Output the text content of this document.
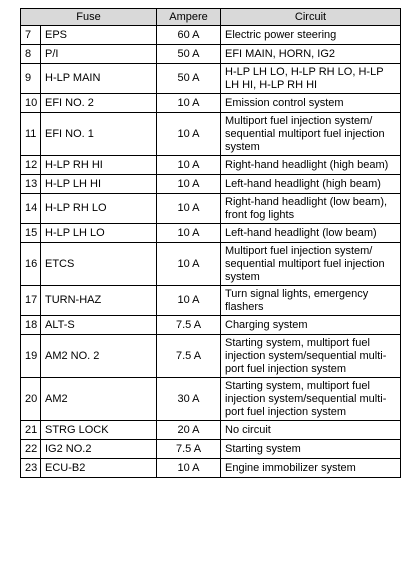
Fuse		Ampere	Circuit
7	EPS	60 A	Electric power steering
8	P/I	50 A	EFI MAIN, HORN, IG2
9	H-LP MAIN	50 A	H-LP LH LO, H-LP RH LO, H-LP LH HI, H-LP RH HI
10	EFI NO. 2	10 A	Emission control system
11	EFI NO. 1	10 A	Multiport fuel injection system/ sequential multiport fuel injection system
12	H-LP RH HI	10 A	Right-hand headlight (high beam)
13	H-LP LH HI	10 A	Left-hand headlight (high beam)
14	H-LP RH LO	10 A	Right-hand headlight (low beam), front fog lights
15	H-LP LH LO	10 A	Left-hand headlight (low beam)
16	ETCS	10 A	Multiport fuel injection system/ sequential multiport fuel injection system
17	TURN-HAZ	10 A	Turn signal lights, emergency flashers
18	ALT-S	7.5 A	Charging system
19	AM2 NO. 2	7.5 A	Starting system, multiport fuel injection system/sequential multi-port fuel injection system
20	AM2	30 A	Starting system, multiport fuel injection system/sequential multi-port fuel injection system
21	STRG LOCK	20 A	No circuit
22	IG2 NO.2	7.5 A	Starting system
23	ECU-B2	10 A	Engine immobilizer system
